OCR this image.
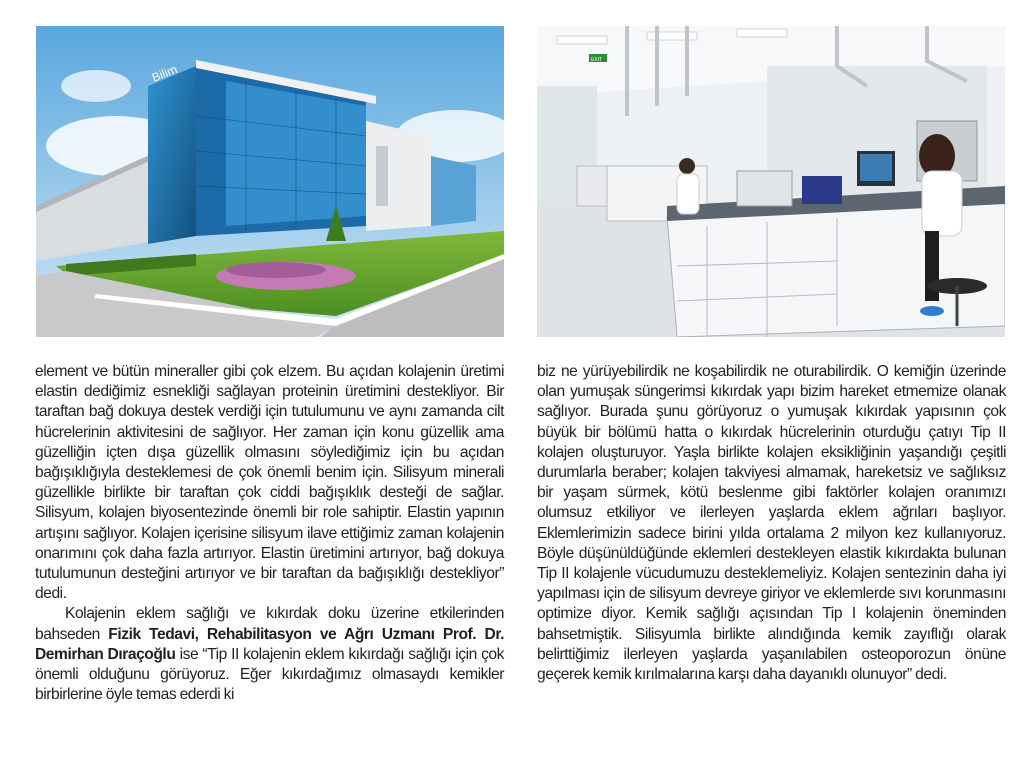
Bilim
EXIT

element ve bütün mineraller gibi çok elzem. Bu açıdan kolajenin üretimi elastin dediğimiz esnekliği sağlayan proteinin üretimini destekliyor. Bir taraftan bağ dokuya destek verdiği için tutulumunu ve aynı zamanda cilt hücrelerinin aktivitesini de sağlıyor. Her zaman için konu güzellik ama güzelliğin içten dışa güzellik olmasını söylediğimiz için bu açıdan bağışıklığıyla desteklemesi de çok önemli benim için. Silisyum minerali güzellikle birlikte bir taraftan çok ciddi bağışıklık desteği de sağlar. Silisyum, kolajen biyosentezinde önemli bir role sahiptir. Elastin yapının artışını sağlıyor. Kolajen içerisine silisyum ilave ettiğimiz zaman kolajenin onarımını çok daha fazla artırıyor. Elastin üretimini artırıyor, bağ dokuya tutulumunun desteğini artırıyor ve bir taraftan da bağışıklığı destekliyor” dedi.

Kolajenin eklem sağlığı ve kıkırdak doku üzerine etkilerinden bahseden Fizik Tedavi, Rehabilitasyon ve Ağrı Uzmanı Prof. Dr. Demirhan Dıraçoğlu ise “Tip II kolajenin eklem kıkırdağı sağlığı için çok önemli olduğunu görüyoruz. Eğer kıkırdağımız olmasaydı kemikler birbirlerine öyle temas ederdi ki

biz ne yürüyebilirdik ne koşabilirdik ne oturabilirdik. O kemiğin üzerinde olan yumuşak süngerimsi kıkırdak yapı bizim hareket etmemize olanak sağlıyor. Burada şunu görüyoruz o yumuşak kıkırdak yapısının çok büyük bir bölümü hatta o kıkırdak hücrelerinin oturduğu çatıyı Tip II kolajen oluşturuyor. Yaşla birlikte kolajen eksikliğinin yaşandığı çeşitli durumlarla beraber; kolajen takviyesi almamak, hareketsiz ve sağlıksız bir yaşam sürmek, kötü beslenme gibi faktörler kolajen oranımızı olumsuz etkiliyor ve ilerleyen yaşlarda eklem ağrıları başlıyor. Eklemlerimizin sadece birini yılda ortalama 2 milyon kez kullanıyoruz. Böyle düşünüldüğünde eklemleri destekleyen elastik kıkırdakta bulunan Tip II kolajenle vücudumuzu desteklemeliyiz. Kolajen sentezinin daha iyi yapılması için de silisyum devreye giriyor ve eklemlerde sıvı korunmasını optimize diyor. Kemik sağlığı açısından Tip I kolajenin öneminden bahsetmiştik. Silisyumla birlikte alındığında kemik zayıflığı olarak belirttiğimiz ilerleyen yaşlarda yaşanılabilen osteoporozun önüne geçerek kemik kırılmalarına karşı daha dayanıklı olunuyor” dedi.
